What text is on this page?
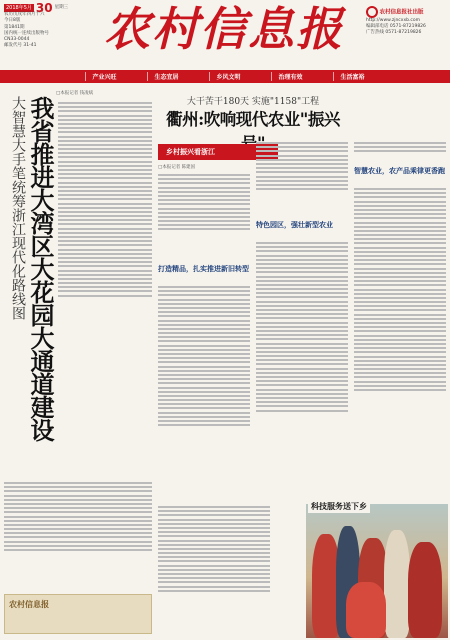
2018年5月 30 星期三
农历戊戌年四月十六
今日8版
第1841期
国内统一连续出版物号
CN33-0044
邮发代号 31-41	农村信息报	农村信息报社出版
http://www.zjncxxb.com
编辑部电话 0571-87219826
广告热线 0571-87219826
产业兴旺	生态宜居	乡风文明	治理有效	生活富裕
□本报记者 钱凌斌
大智慧大手笔统筹浙江现代化路线图 我省推进大湾区大花园大通道建设
农村信息报
大干苦干180天 实施"1158"工程
衢州:吹响现代农业"振兴
乡村振兴看浙江
□本报记者 陈建国
打造精品，扎实推进新旧转型
特色园区，强壮新型农业
智慧农业，农产品乘律更香跑
科技服务送下乡
